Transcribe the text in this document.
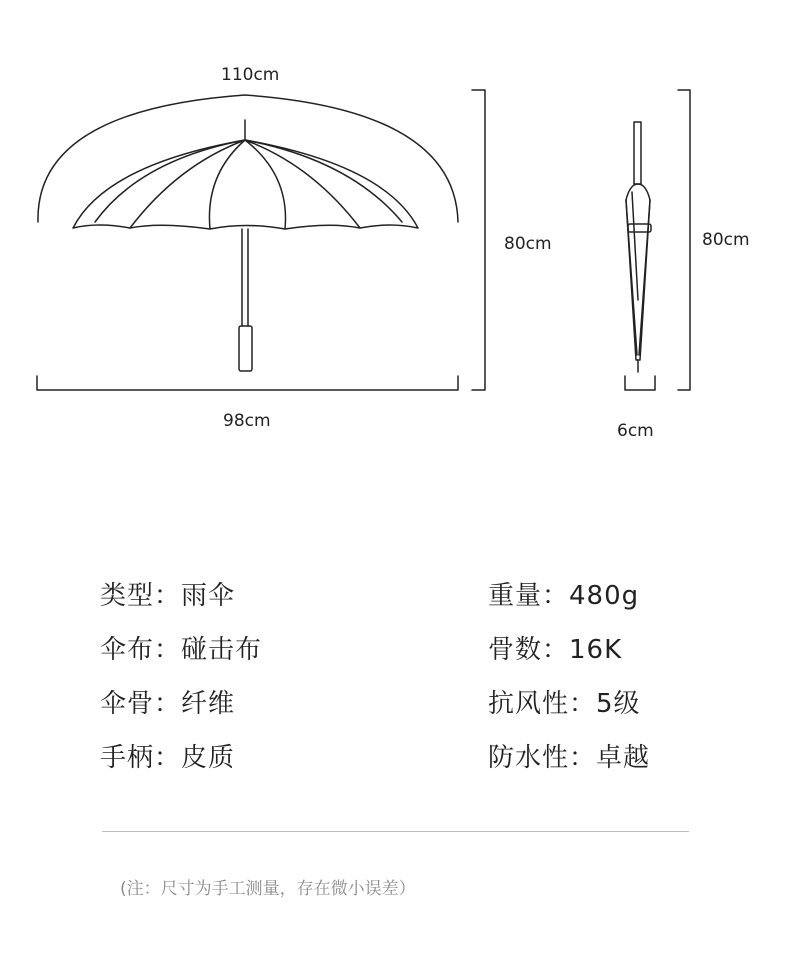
110cm
80cm
98cm
80cm
6cm
类型：雨伞	重量：480g
伞布：碰击布	骨数：16K
伞骨：纤维	抗风性：5级
手柄：皮质	防水性：卓越
(注：尺寸为手工测量，存在微小误差）
